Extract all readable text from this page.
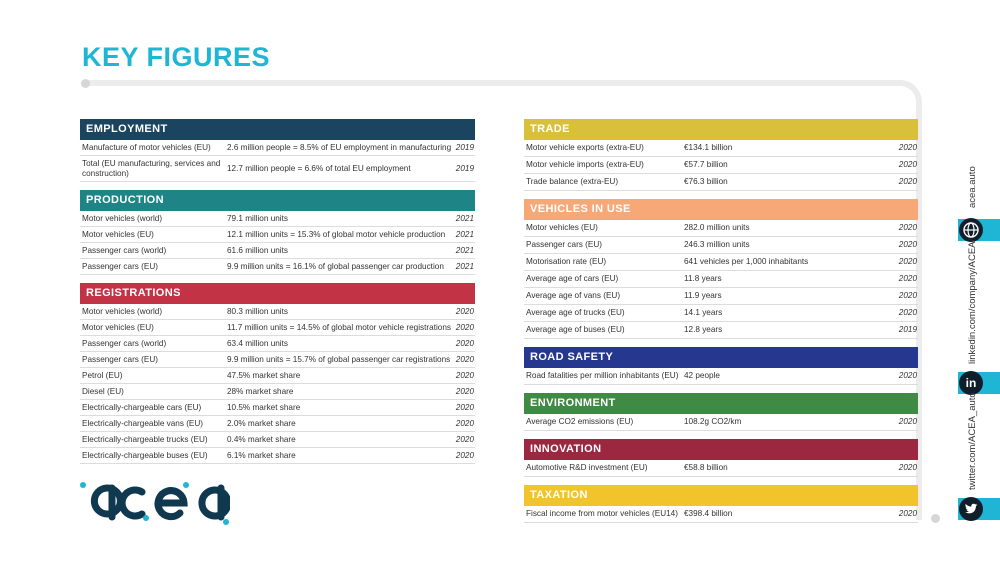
KEY FIGURES
EMPLOYMENT
Manufacture of motor vehicles (EU)	2.6 million people = 8.5% of EU employment in manufacturing 2019
Total (EU manufacturing, services and construction)
12.7 million people = 6.6% of total EU employment	2019
PRODUCTION
Motor vehicles (world)	79.1 million units	2021
Motor vehicles (EU)	12.1 million units = 15.3% of global motor vehicle production	2021
Passenger cars (world)	61.6 million units	2021
Passenger cars (EU)	9.9 million units = 16.1% of global passenger car production	2021
REGISTRATIONS
Motor vehicles (world)	80.3 million units	2020
Motor vehicles (EU)	11.7 million units = 14.5% of global motor vehicle registrations 2020
Passenger cars (world)	63.4 million units	2020
Passenger cars (EU)	9.9 million units = 15.7% of global passenger car registrations 2020
Petrol (EU)	47.5% market share	2020
Diesel (EU)	28% market share	2020
Electrically-chargeable cars (EU)	10.5% market share	2020
Electrically-chargeable vans (EU)	2.0% market share	2020
Electrically-chargeable trucks (EU)	0.4% market share	2020
Electrically-chargeable buses (EU)	6.1% market share	2020
TRADE
Motor vehicle exports (extra-EU)	€134.1 billion	2020
Motor vehicle imports (extra-EU)	€57.7 billion	2020
Trade balance (extra-EU)	€76.3 billion	2020
VEHICLES IN USE
Motor vehicles (EU)	282.0 million units	2020
Passenger cars (EU)	246.3 million units	2020
Motorisation rate (EU)	641 vehicles per 1,000 inhabitants	2020
Average age of cars (EU)	11.8 years	2020
Average age of vans (EU)	11.9 years	2020
Average age of trucks (EU)	14.1 years	2020
Average age of buses (EU)	12.8 years	2019
ROAD SAFETY
Road fatalities per million inhabitants (EU) 42 people	2020
ENVIRONMENT
Average CO2 emissions (EU)	108.2g CO2/km	2020
INNOVATION
Automotive R&D investment (EU)	€58.8 billion	2020
TAXATION
Fiscal income from motor vehicles (EU14) €398.4 billion	2020
in
acea.auto
linkedin.com/company/ACEA/
twitter.com/ACEA_auto
